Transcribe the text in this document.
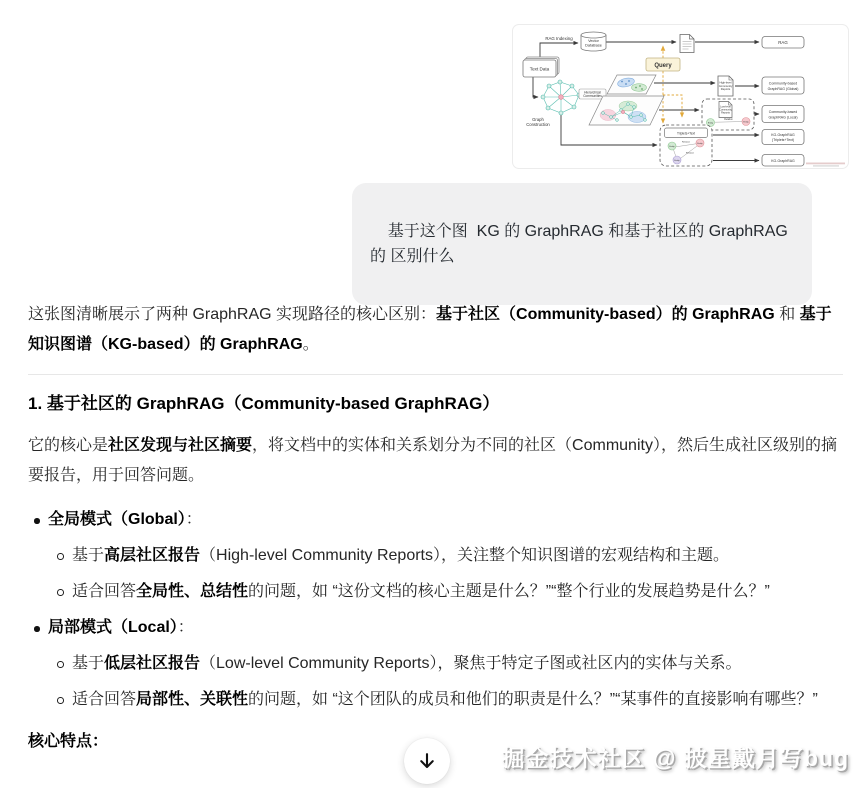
Text Data
RAG Indexing	Vector
DataBase
RAG
Query
Graph
Construction
Hierarchical
Communities
High-level
Community
Reports
Community-based
GraphRAG (Global)
Low-level
Community
Reports
Relation
Entity	Entity
Community-based
GraphRAG (Local)
Triplets+Text
Relation
Relation
Entity
Entity
Entity
KG-GraphRAG
(Triplets+Text)
KG-GraphRAG

基于这个图  KG 的 GraphRAG 和基于社区的 GraphRAG 的 区别什么

这张图清晰展示了两种 GraphRAG 实现路径的核心区别：基于社区（Community-based）的 GraphRAG 和 基于知识图谱（KG-based）的 GraphRAG。

1. 基于社区的 GraphRAG（Community-based GraphRAG）

它的核心是社区发现与社区摘要，将文档中的实体和关系划分为不同的社区（Community），然后生成社区级别的摘要报告，用于回答问题。

全局模式（Global）：
基于高层社区报告（High-level Community Reports），关注整个知识图谱的宏观结构和主题。
适合回答全局性、总结性的问题，如 “这份文档的核心主题是什么？”“整个行业的发展趋势是什么？”
局部模式（Local）：
基于低层社区报告（Low-level Community Reports），聚焦于特定子图或社区内的实体与关系。
适合回答局部性、关联性的问题，如 “这个团队的成员和他们的职责是什么？”“某事件的直接影响有哪些？”

核心特点：

掘金技术社区 @ 披星戴月写bug
